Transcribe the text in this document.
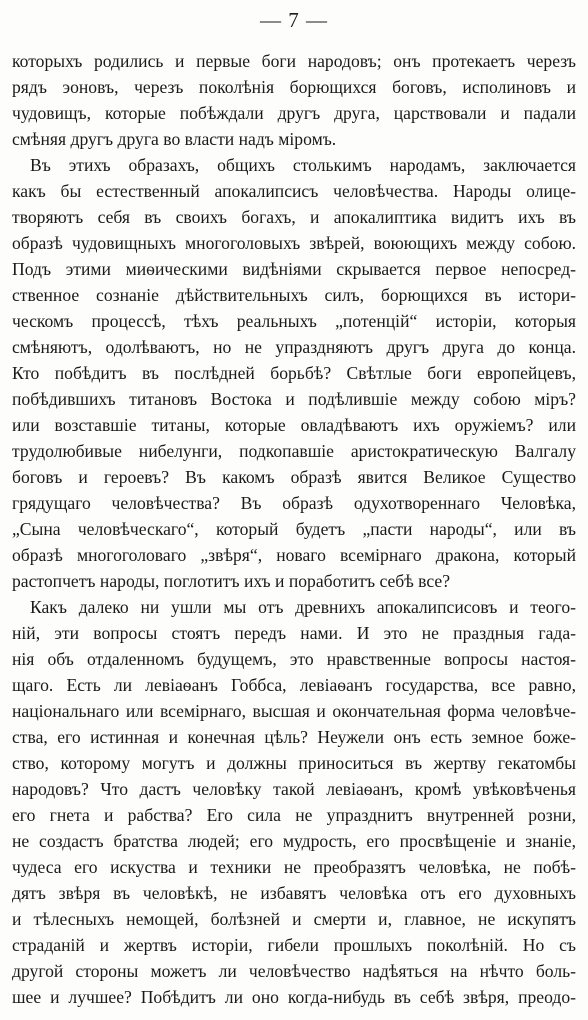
— 7 —
которыхъ родились и первые боги народовъ; онъ протекаетъ черезъ
рядъ эоновъ, черезъ поколѣнія борющихся боговъ, исполиновъ и
чудовищъ, которые побѣждали другъ друга, царствовали и падали
смѣняя другъ друга во власти надъ міромъ.
Въ этихъ образахъ, общихъ столькимъ народамъ, заключается
какъ бы естественный апокалипсисъ человѣчества. Народы олице-
творяютъ себя въ своихъ богахъ, и апокалиптика видитъ ихъ въ
образѣ чудовищныхъ многоголовыхъ звѣрей, воюющихъ между собою.
Подъ этими миѳическими видѣніями скрывается первое непосред-
ственное сознаніе дѣйствительныхъ силъ, борющихся въ истори-
ческомъ процессѣ, тѣхъ реальныхъ „потенцій“ исторіи, которыя
смѣняютъ, одолѣваютъ, но не упраздняютъ другъ друга до конца.
Кто побѣдитъ въ послѣдней борьбѣ? Свѣтлые боги европейцевъ,
побѣдившихъ титановъ Востока и подѣлившіе между собою міръ?
или возставшіе титаны, которые овладѣваютъ ихъ оружіемъ? или
трудолюбивые нибелунги, подкопавшіе аристократическую Валгалу
боговъ и героевъ? Въ какомъ образѣ явится Великое Существо
грядущаго человѣчества? Въ образѣ одухотвореннаго Человѣка,
„Сына человѣческаго“, который будетъ „пасти народы“, или въ
образѣ многоголоваго „звѣря“, новаго всемірнаго дракона, который
растопчетъ народы, поглотитъ ихъ и поработитъ себѣ все?
Какъ далеко ни ушли мы отъ древнихъ апокалипсисовъ и теого-
ній, эти вопросы стоятъ передъ нами. И это не праздныя гада-
нія объ отдаленномъ будущемъ, это нравственные вопросы настоя-
щаго. Есть ли левіаѳанъ Гоббса, левіаѳанъ государства, все равно,
національнаго или всемірнаго, высшая и окончательная форма человѣче-
ства, его истинная и конечная цѣль? Неужели онъ есть земное боже-
ство, которому могутъ и должны приноситься въ жертву гекатомбы
народовъ? Что дастъ человѣку такой левіаѳанъ, кромѣ увѣковѣченья
его гнета и рабства? Его сила не упразднитъ внутренней розни,
не создастъ братства людей; его мудрость, его просвѣщеніе и знаніе,
чудеса его искуства и техники не преобразятъ человѣка, не побѣ-
дятъ звѣря въ человѣкѣ, не избавятъ человѣка отъ его духовныхъ
и тѣлесныхъ немощей, болѣзней и смерти и, главное, не искупятъ
страданій и жертвъ исторіи, гибели прошлыхъ поколѣній. Но съ
другой стороны можетъ ли человѣчество надѣяться на нѣчто боль-
шее и лучшее? Побѣдитъ ли оно когда-нибудь въ себѣ звѣря, преодо-
